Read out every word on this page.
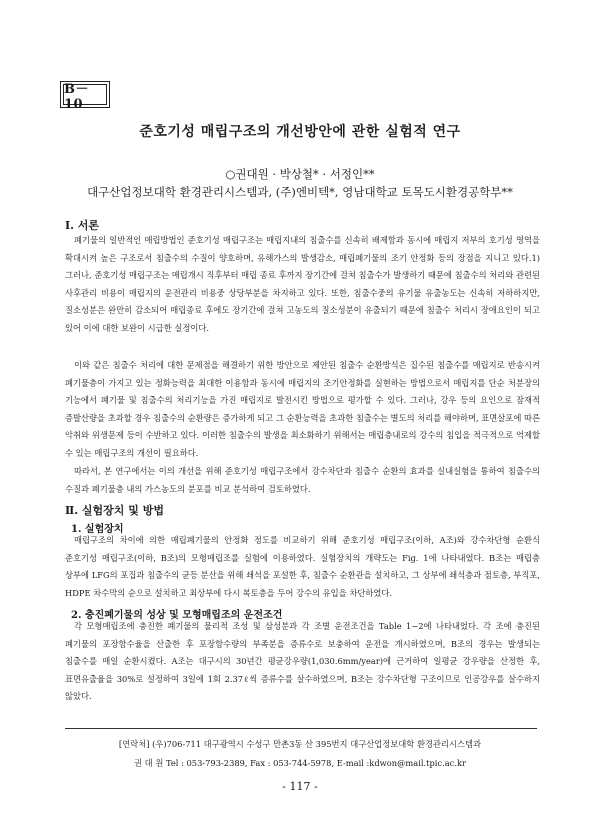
B－10
준호기성 매립구조의 개선방안에 관한 실험적 연구
○권대원 · 박상철* · 서정인**
대구산업정보대학 환경관리시스템과, (주)엔비텍*, 영남대학교 토목도시환경공학부**
Ⅰ. 서론

폐기물의 일반적인 매립방법인 준호기성 매립구조는 매립지내의 침출수를 신속히 배제함과 동시에 매립지 저부의 호기성 영역을 확대시켜 높은 구조로서 침출수의 수질이 양호하며, 유해가스의 발생감소, 매립폐기물의 조기 안정화 등의 장점을 지니고 있다.1) 그러나, 준호기성 매립구조는 매립개시 직후부터 매립 종료 후까지 장기간에 걸쳐 침출수가 발생하기 때문에 침출수의 처리와 관련된 사후관리 비용이 매립지의 운전관리 비용중 상당부분을 차지하고 있다. 또한, 침출수중의 유기물 유출농도는 신속히 저하하지만, 질소성분은 완만히 감소되어 매립종료 후에도 장기간에 걸쳐 고농도의 질소성분이 유출되기 때문에 침출수 처리시 장애요인이 되고 있어 이에 대한 보완이 시급한 실정이다.

이와 같은 침출수 처리에 대한 문제점을 해결하기 위한 방안으로 제안된 침출수 순환방식은 집수된 침출수를 매립지로 반송시켜 폐기물층이 가지고 있는 정화능력을 최대한 이용함과 동시에 매립지의 조기안정화를 실현하는 방법으로서 매립지를 단순 처분장의 기능에서 폐기물 및 침출수의 처리기능을 가진 매립지로 발전시킨 방법으로 평가할 수 있다. 그러나, 강우 등의 요인으로 잠재적 증발산량을 초과할 경우 침출수의 순환량은 증가하게 되고 그 순환능력을 초과한 침출수는 별도의 처리를 해야하며, 표면살포에 따른 악취와 위생문제 등이 수반하고 있다. 이러한 침출수의 발생을 최소화하기 위해서는 매립층내로의 강수의 침입을 적극적으로 억제할 수 있는 매립구조의 개선이 필요하다.

따라서, 본 연구에서는 이의 개선을 위해 준호기성 매립구조에서 강수차단과 침출수 순환의 효과를 실내실험을 통하여 침출수의 수질과 폐기물층 내의 가스농도의 분포를 비교 분석하여 검토하였다.

Ⅱ. 실험장치 및 방법
1. 실험장치

매립구조의 차이에 의한 매립폐기물의 안정화 정도를 비교하기 위해 준호기성 매립구조(이하, A조)와 강수차단형 순환식 준호기성 매립구조(이하, B조)의 모형매립조를 실험에 이용하였다. 실험장치의 개략도는 Fig. 1에 나타내었다. B조는 매립층 상부에 LFG의 포집과 침출수의 균등 분산을 위해 쇄석을 포설한 후, 침출수 순환관을 설치하고, 그 상부에 쇄석층과 점토층, 부직포, HDPE 차수막의 순으로 설치하고 최상부에 다시 복토층을 두어 강수의 유입을 차단하였다.

2. 충진폐기물의 성상 및 모형매립조의 운전조건

각 모형매립조에 충진한 폐기물의 물리적 조성 및 삼성분과 각 조별 운전조건을 Table 1~2에 나타내었다. 각 조에 충진된 폐기물의 포장함수율을 산출한 후 포장함수량의 부족분을 증류수로 보충하여 운전을 개시하였으며, B조의 경우는 발생되는 침출수를 매일 순환시켰다. A조는 대구시의 30년간 평균강우량(1,030.6mm/year)에 근거하여 일평균 강우량을 산정한 후, 표면유출율을 30%로 설정하여 3일에 1회 2.37ℓ씩 증류수를 살수하였으며, B조는 강수차단형 구조이므로 인공강우를 살수하지 않았다.

[연락처] (우)706-711 대구광역시 수성구 만촌3동 산 395번지 대구산업정보대학 환경관리시스템과
권 대 원 Tel : 053-793-2389, Fax : 053-744-5978, E-mail :kdwon@mail.tpic.ac.kr
- 117 -
